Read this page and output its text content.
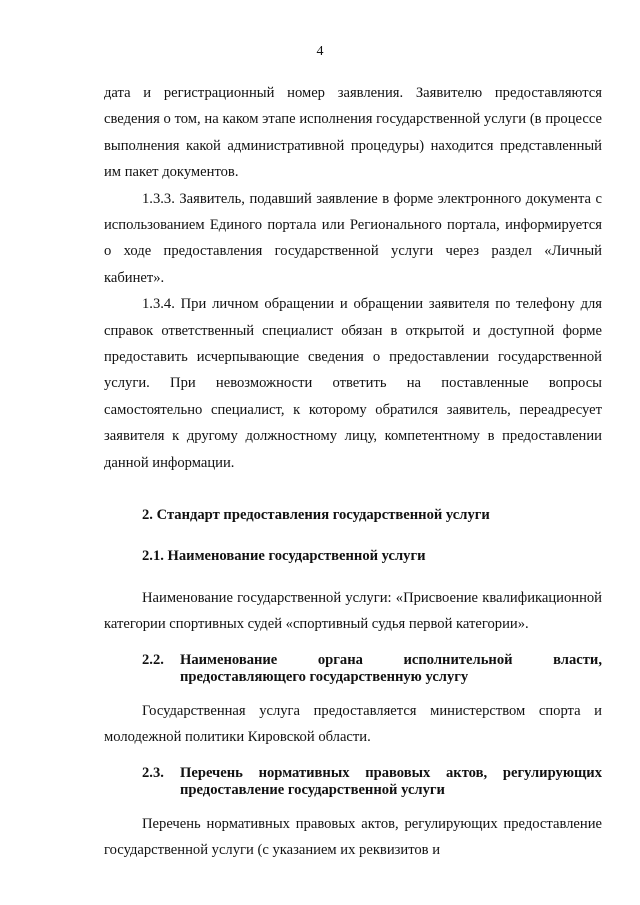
4

дата и регистрационный номер заявления. Заявителю предоставляются сведения о том, на каком этапе исполнения государственной услуги (в процессе выполнения какой административной процедуры) находится представленный им пакет документов.

1.3.3. Заявитель, подавший заявление в форме электронного документа с использованием Единого портала или Регионального портала, информируется о ходе предоставления государственной услуги через раздел «Личный кабинет».

1.3.4. При личном обращении и обращении заявителя по телефону для справок ответственный специалист обязан в открытой и доступной форме предоставить исчерпывающие сведения о предоставлении государственной услуги. При невозможности ответить на поставленные вопросы самостоятельно специалист, к которому обратился заявитель, переадресует заявителя к другому должностному лицу, компетентному в предоставлении данной информации.

2. Стандарт предоставления государственной услуги

2.1. Наименование государственной услуги

Наименование государственной услуги: «Присвоение квалификационной категории спортивных судей «спортивный судья первой категории».

2.2.	Наименование органа исполнительной власти, предоставляющего государственную услугу

Государственная услуга предоставляется министерством спорта и молодежной политики Кировской области.

2.3.	Перечень нормативных правовых актов, регулирующих предоставление государственной услуги

Перечень нормативных правовых актов, регулирующих предоставление государственной услуги (с указанием их реквизитов и
